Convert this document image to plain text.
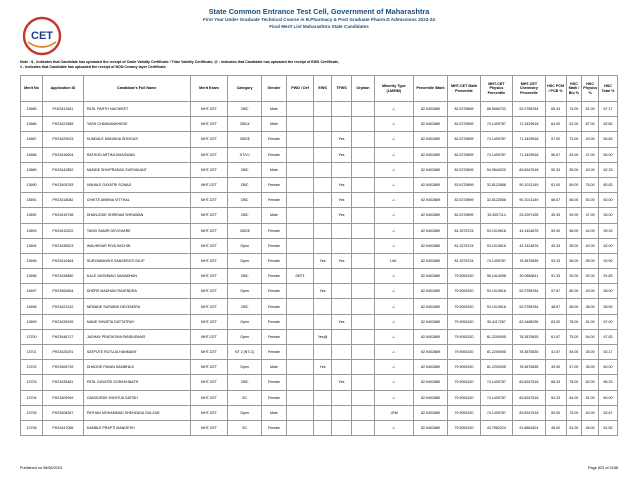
CET
State Common Entrance Test Cell, Government of Maharashtra
First Year Under Graduate Technical Course in B.Pharmacy & Post Graduate Pharm.D Admissions 2023-24
Final Merit List Maharashtra State Candidates
Note : $ - Indicates that Candidate has uploaded the receipt of Caste Validity Certificate / Tribe Validity Certificate, @ - Indicates that Candidate has uploaded the receipt of EWS Certificate,
# - Indicates that Candidate has uploaded the receipt of NON Creamy layer Certificate.
Merit No	Application ID	Candidate's Full Name	Merit Exam	Category	Gender	PWD / Def	EWS	TFWS	Orphan	Minority Type (LM/RM)	Percentile /Mark	MHT-CET Math Percentile	MHT-CET Physics Percentile	MHT-CET Chemistry Percentile	HSC PCM / PCB %	HSC Math / Bio %	HSC Physics %	HSC Total %
13685	PH23411061	PATIL PARTH NACHIKET	MHT-CET	OBC	Male					-/-	82.9402889	82.6729899	86.5660703	52.0758784	65.33	74.00	61.00	67.17
13686	PH23421565	YASH CHANDANKHEDE	MHT-CET	OBC#	Male					-/-	82.9402889	82.6729899	74.1409787	71.3429618	64.00	62.00	67.00	62.80
13687	PH23429023	KUNDALE MANISHA SHIVDAS	MHT-CET	OBC$	Female			Yes		-/-	82.9402889	82.6729899	74.1409787	71.3429618	57.00	73.00	49.00	65.83
13688	PH23416904	RATHOD ARTIKA BHAGWAN	MHT-CET	DT/VJ	Female			Yes		-/-	82.9402889	82.6729899	74.1409787	71.3429618	56.67	63.00	47.00	65.00
13689	PH23442852	MUNDE SHIVPRASAD SURYAKANT	MHT-CET	OBC	Male					-/-	82.9402889	82.6729899	54.9644320	83.6947618	50.33	55.00	40.00	62.33
13690	PH23405783	UNHALE GAYATRI SONAJI	MHT-CET	OBC	Female			Yes		-/-	82.9402889	82.6729899	32.8122656	90.1013149	81.00	89.00	76.00	80.83
13691	PH23418082	CHIKTE ABHINA VITTHAL	MHT-CET	OBC	Female			Yes		-/-	82.9402889	82.6729899	32.8122656	90.1013149	58.67	66.00	50.00	60.00
13692	PH23415798	DHANJODE SHRIRAM SHRAWAN	MHT-CET	OBC	Male			Yes		-/-	82.9402889	82.6729899	15.3007114	93.2097435	49.33	59.00	47.00	53.00
13693	PH23410222	TANVI SAMIR DEVGHARE	MHT-CET	OBC$	Female					-/-	82.9402889	81.3278724	93.1019616	43.1424876	50.00	58.00	44.00	59.33
13694	PH23435523	WALHEKAR RIYA SACHIN	MHT-CET	Open	Female					-/-	82.9402889	81.3278724	93.1019616	43.1424876	49.33	55.00	40.00	62.00
13695	PH23410464	SURYAWANSHI SANSKRUTI DILIP	MHT-CET	Open	Female		Yes	Yes		LM/-	82.9402889	81.3278724	74.1409787	78.3875835	93.33	96.00	95.00	93.50
13696	PH23434860	KALE VAISHNAVI SAMADHAN	MHT-CET	OBC	Female	DEF1				-/-	82.9402889	79.9051520	96.1414098	30.0883811	91.33	90.00	92.00	91.83
13697	PH23462654	DHERE MADHAVI RAJENDRA	MHT-CET	Open	Female		Yes			-/-	82.9402889	79.9051520	93.1019616	52.0758784	57.67	80.00	49.00	68.00
13698	PH23422242	NEMADE SURABHI DEVENDRA	MHT-CET	OBC	Female					-/-	82.9402889	79.9051520	93.1019616	52.0758784	48.67	58.00	38.00	58.50
13699	PH23439299	MANE SHWETA DATTATRAY	MHT-CET	Open	Female			Yes		-/-	82.9402889	79.9051520	90.4117267	62.4488036	63.00	78.00	51.00	67.00
13700	PH23446717	JADHAV PRATIKSHA PANDURANG	MHT-CET	Open	Female		Yes@			-/-	82.9402889	79.9051520	81.2200905	78.3875835	61.67	75.00	54.00	67.83
13701	PH23425291	SATPUTE RUTUJA HANMANT	MHT-CET	NT 2 (NT-C)	Female					-/-	82.9402889	79.9051520	81.2200905	78.3875835	41.67	54.00	35.00	52.17
13702	PH23406739	DHAGGE PAVAN SAMBHAJI	MHT-CET	Open	Male		Yes			-/-	82.9402889	79.9051520	81.2200905	78.3875835	40.00	47.00	35.00	60.00
13703	PH23435481	PATIL GAYATRI GORAKHNATH	MHT-CET	OBC	Female			Yes		-/-	82.9402889	79.9051520	74.1409787	83.6947618	68.33	78.00	62.00	66.33
13704	PH23409949	GANGURDE KSHITIJA SATISH	MHT-CET	SC	Female					-/-	82.9402889	79.9051520	74.1409787	83.6947618	54.33	64.00	51.00	60.00
13705	PH23408287	PATHAN MOHAMMAD SHEHZADA GULZAR	MHT-CET	Open	Male					-/RM	82.9402889	79.9051520	74.1409787	83.6947618	50.00	75.00	40.00	62.67
13706	PH23447066	KAMBLE PRAPTI MANGESH	MHT-CET	SC	Female					-/-	82.9402889	79.9051520	43.7982324	91.8861824	48.00	51.00	46.00	61.50
Published on 08/08/2023	Page 623 of 2188
